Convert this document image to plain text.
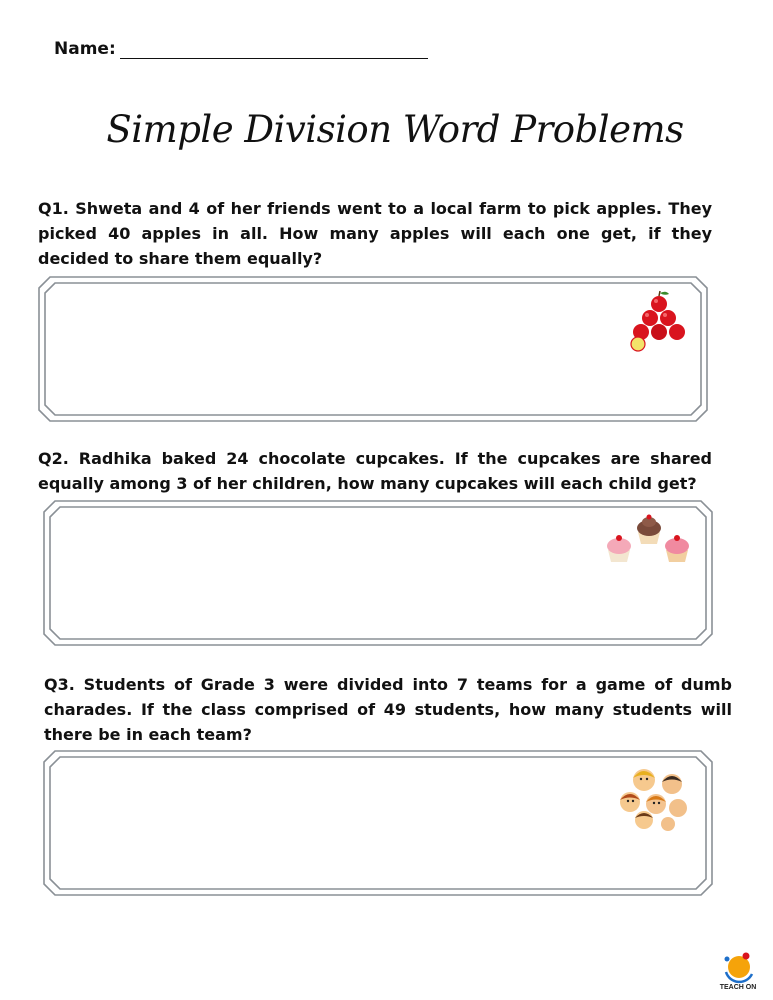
Name:
Simple Division Word Problems
Q1. Shweta and 4 of her friends went to a local farm to pick apples. They picked 40 apples in all. How many apples will each one get, if they decided to share them equally?
Q2. Radhika baked 24 chocolate cupcakes. If the cupcakes are shared equally among 3 of her children, how many cupcakes will each child get?
Q3. Students of Grade 3 were divided into 7 teams for a game of dumb charades. If the class comprised of 49 students, how many students will there be in each team?
TEACH ON
